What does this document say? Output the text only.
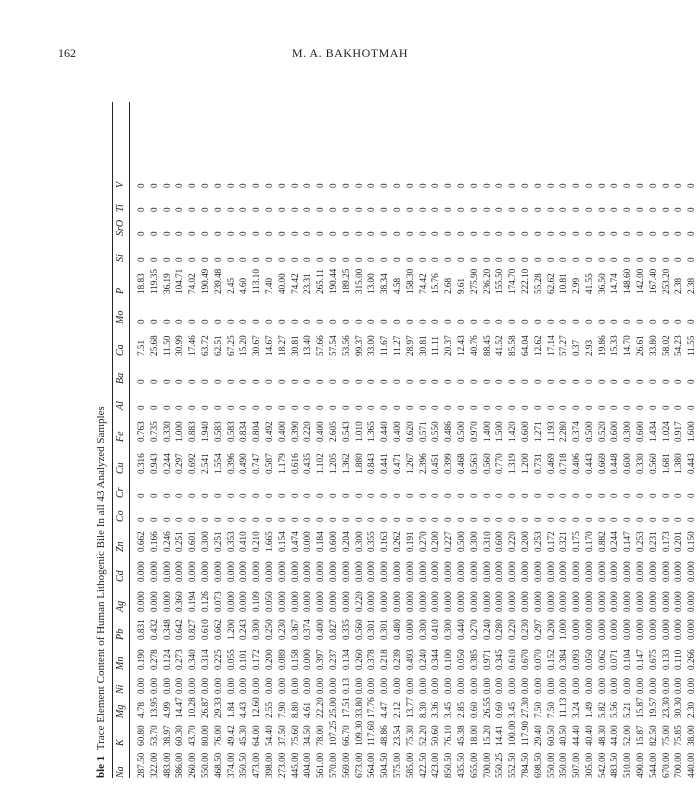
162	M. A. BAKHOTMAH
ble 1  Trace Element Content of Human Lithogenic Bile In all 43 Analyzed Samples
Na
K
Mg
Ni
Mn
Pb
Ag
Cd
Zn
Co
Cr
Cu
Fe
Al
Ba
Ca
Mo
P
Si
SrO
Ti
V
287.50 322.00 483.00 586.00 260.00 550.00 468.50 374.00 350.50 473.00 398.00 273.00 445.00 404.00 561.00 570.00 569.00 673.00 564.00 504.50 575.00 585.00 422.50 423.00 850.50 435.50 655.00 700.00 550.25 552.50 784.50 698.50 550.00 350.00 507.00 305.00 542.00 483.50 510.00 490.00 544.00 670.00 700.00 440.00
60.80 53.70 38.97 60.30 43.70 80.00 76.00 49.42 45.30 64.00 54.40 37.50 75.60 34.50 78.00 107.25 66.70 109.30 117.60 48.86 23.54 75.30 52.20 50.60 76.10 45.38 18.00 15.20 14.41 100.00 117.90 29.40 60.50 40.50 44.40 40.40 48.30 44.00 52.00 15.87 82.50 75.00 75.85 38.00
4.78 13.95 4.99 14.47 10.28 26.87 29.33 1.84 4.43 12.60 2.55 7.90 8.80 4.61 22.20 25.00 17.51 33.80 17.76 4.47 2.12 13.77 8.30 3.36 3.45 2.85 0.60 26.55 0.60 3.45 27.30 7.50 7.50 11.13 3.24 1.49 5.82 5.56 5.21 15.87 19.57 23.30 30.30 2.30
0.00 0.00 0.00 0.00 0.00 0.00 0.00 0.00 0.00 0.00 0.00 0.00 0.00 0.00 0.00 0.00 0.13 0.00 0.00 0.00 0.00 0.00 0.00 0.00 0.00 0.00 0.00 0.00 0.00 0.00 0.00 0.00 0.00 0.00 0.00 0.00 0.00 0.00 0.00 0.00 0.00 0.00 0.00 0.00
0.190 0.278 0.124 0.273 0.340 0.314 0.225 0.055 0.101 0.172 0.200 0.089 0.158 0.000 0.397 0.237 0.134 0.260 0.378 0.218 0.239 0.493 0.240 0.344 0.100 0.050 0.385 0.971 0.345 0.610 0.670 0.070 0.152 0.384 0.093 0.050 0.062 0.071 0.104 0.147 0.675 0.133 0.110 0.266
0.831 0.432 0.348 0.642 0.827 0.610 0.662 1.200 0.243 0.300 0.250 0.230 0.367 0.374 0.400 0.827 0.335 0.560 0.301 0.301 0.480 0.000 0.300 0.410 0.300 0.440 0.270 0.240 0.280 0.220 0.230 0.297 0.200 1.000 0.000 0.000 0.000 0.000 0.000 0.000 0.000 0.000 0.000 0.000
0.000 0.000 0.000 0.360 0.194 0.126 0.073 0.000 0.000 0.109 0.050 0.000 0.000 0.000 0.000 0.000 0.000 0.220 0.000 0.000 0.000 0.000 0.000 0.000 0.000 0.000 0.000 0.000 0.000 0.000 0.000 0.000 0.000 0.000 0.000 0.000 0.000 0.000 0.000 0.000 0.000 0.000 0.000 0.000
0.000 0.000 0.000 0.000 0.000 0.000 0.000 0.000 0.000 0.000 0.000 0.000 0.000 0.000 0.000 0.000 0.000 0.000 0.000 0.000 0.000 0.000 0.000 0.000 0.000 0.000 0.000 0.000 0.000 0.000 0.000 0.000 0.000 0.000 0.000 0.000 0.000 0.000 0.000 0.000 0.000 0.000 0.000 0.000
0.662 0.166 0.246 0.251 0.601 0.300 0.251 0.353 0.410 0.210 1.665 0.154 0.474 0.000 0.184 0.600 0.204 0.300 0.355 0.163 0.262 0.191 0.270 0.200 0.227 0.500 0.300 0.310 0.600 0.220 0.200 0.253 0.172 0.321 0.175 0.170 0.882 0.244 0.147 0.253 0.231 0.173 0.201 0.150
0 0 0 0 0 0 0 0 0 0 0 0 0 0 0 0 0 0 0 0 0 0 0 0 0 0 0 0 0 0 0 0 0 0 0 0 0 0 0 0 0 0 0 0
0 0 0 0 0 0 0 0 0 0 0 0 0 0 0 0 0 0 0 0 0 0 0 0 0 0 0 0 0 0 0 0 0 0 0 0 0 0 0 0 0 0 0 0
0.316 0.943 0.244 0.297 0.692 2.541 1.554 0.396 0.490 0.747 0.587 1.179 0.616 0.435 1.102 1.205 1.362 1.880 0.843 0.441 0.471 1.267 2.396 0.451 0.399 0.468 0.563 0.560 0.770 1.319 1.200 0.731 0.469 0.718 0.406 0.443 0.669 0.448 0.600 0.330 0.560 1.681 1.380 0.443
0.763 0.735 0.330 1.000 0.883 1.940 0.583 0.583 0.834 0.804 0.492 0.400 0.390 0.220 0.400 2.605 0.543 1.010 1.365 0.440 0.400 0.620 0.571 0.550 0.486 0.500 0.970 1.400 1.500 1.420 0.600 1.271 1.193 2.280 0.374 0.500 0.520 0.600 0.300 0.600 1.434 1.024 0.917 1.600
0 0 0 0 0 0 0 0 0 0 0 0 0 0 0 0 0 0 0 0 0 0 0 0 0 0 0 0 0 0 0 0 0 0 0 0 0 0 0 0 0 0 0 0
0 0 0 0 0 0 0 0 0 0 0 0 0 0 0 0 0 0 0 0 0 0 0 0 0 0 0 0 0 0 0 0 0 0 0 0 0 0 0 0 0 0 0 0
7.51 25.68 11.50 30.99 17.46 63.72 62.51 67.25 15.20 30.67 14.67 18.27 30.81 13.40 57.66 57.54 53.56 99.37 33.00 11.67 11.27 28.97 30.81 11.11 20.37 12.43 40.76 88.45 41.52 85.58 64.04 12.62 17.14 57.27 0.37 2.93 19.86 15.33 14.70 26.61 33.80 58.02 54.23 11.55
0 0 0 0 0 0 0 0 0 0 0 0 0 0 0 0 0 0 0 0 0 0 0 0 0 0 0 0 0 0 0 0 0 0 0 0 0 0 0 0 0 0 0 0
18.83 119.35 36.19 104.71 74.02 190.49 239.48 2.45 4.60 113.10 7.40 40.00 74.42 23.31 265.11 190.44 189.25 315.00 13.00 38.34 4.58 158.30 74.42 15.76 2.68 9.61 275.90 236.20 155.50 174.70 222.10 55.28 62.62 10.81 2.99 41.55 36.50 14.74 148.60 142.00 167.40 253.20 2.38 2.38
0 0 0 0 0 0 0 0 0 0 0 0 0 0 0 0 0 0 0 0 0 0 0 0 0 0 0 0 0 0 0 0 0 0 0 0 0 0 0 0 0 0 0 0
0 0 0 0 0 0 0 0 0 0 0 0 0 0 0 0 0 0 0 0 0 0 0 0 0 0 0 0 0 0 0 0 0 0 0 0 0 0 0 0 0 0 0 0
0 0 0 0 0 0 0 0 0 0 0 0 0 0 0 0 0 0 0 0 0 0 0 0 0 0 0 0 0 0 0 0 0 0 0 0 0 0 0 0 0 0 0 0
0 0 0 0 0 0 0 0 0 0 0 0 0 0 0 0 0 0 0 0 0 0 0 0 0 0 0 0 0 0 0 0 0 0 0 0 0 0 0 0 0 0 0 0
